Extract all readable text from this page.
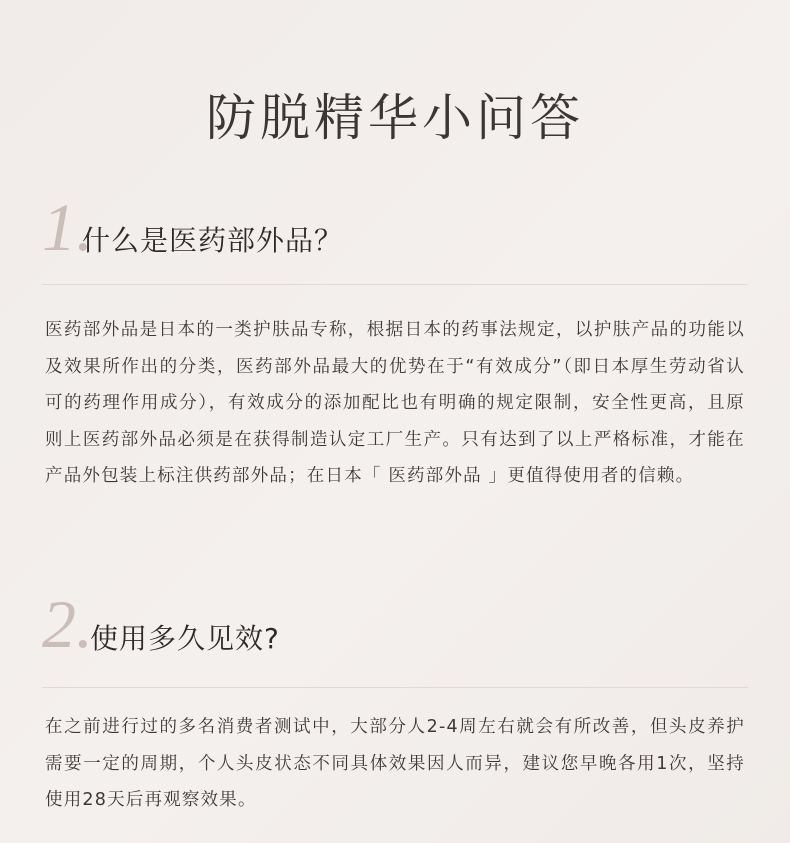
防脱精华小问答
1.
什么是医药部外品？

医药部外品是日本的一类护肤品专称，根据日本的药事法规定，以护肤产品的功能以及效果所作出的分类，医药部外品最大的优势在于“有效成分”（即日本厚生劳动省认可的药理作用成分），有效成分的添加配比也有明确的规定限制，安全性更高，且原则上医药部外品必须是在获得制造认定工厂生产。只有达到了以上严格标准，才能在产品外包装上标注供药部外品；在日本「 医药部外品 」更值得使用者的信赖。

2.
使用多久见效?

在之前进行过的多名消费者测试中，大部分人2-4周左右就会有所改善，但头皮养护需要一定的周期，个人头皮状态不同具体效果因人而异，建议您早晚各用1次，坚持使用28天后再观察效果。
